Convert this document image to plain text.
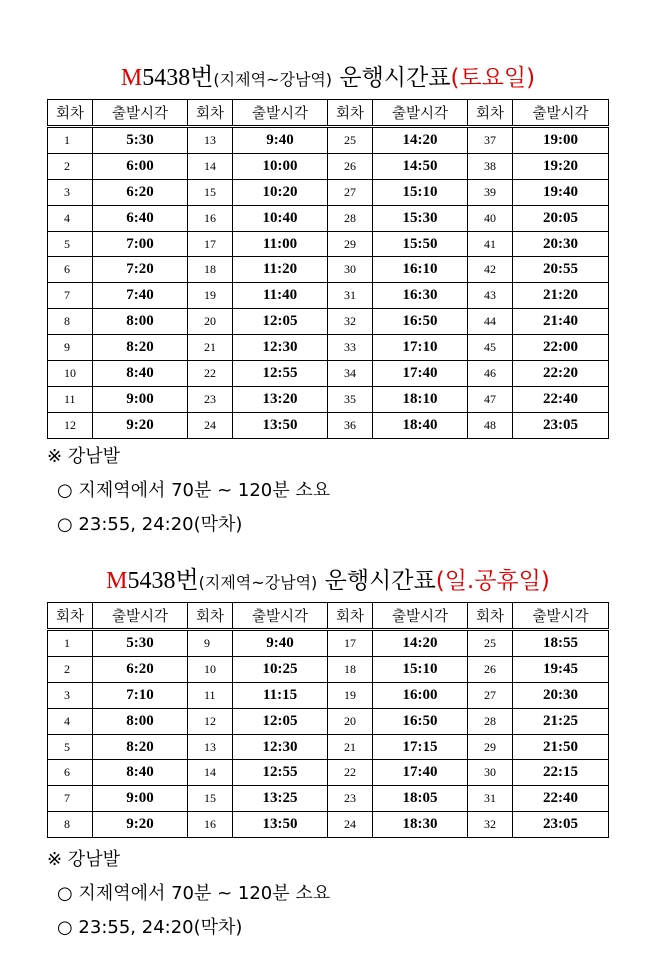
M5438번(지제역~강남역) 운행시간표(토요일)
회차	출발시각	회차	출발시각	회차	출발시각	회차	출발시각
1	5:30	13	9:40	25	14:20	37	19:00
2	6:00	14	10:00	26	14:50	38	19:20
3	6:20	15	10:20	27	15:10	39	19:40
4	6:40	16	10:40	28	15:30	40	20:05
5	7:00	17	11:00	29	15:50	41	20:30
6	7:20	18	11:20	30	16:10	42	20:55
7	7:40	19	11:40	31	16:30	43	21:20
8	8:00	20	12:05	32	16:50	44	21:40
9	8:20	21	12:30	33	17:10	45	22:00
10	8:40	22	12:55	34	17:40	46	22:20
11	9:00	23	13:20	35	18:10	47	22:40
12	9:20	24	13:50	36	18:40	48	23:05
※ 강남발
○ 지제역에서 70분 ~ 120분 소요
○ 23:55, 24:20(막차)
M5438번(지제역~강남역) 운행시간표(일.공휴일)
회차	출발시각	회차	출발시각	회차	출발시각	회차	출발시각
1	5:30	9	9:40	17	14:20	25	18:55
2	6:20	10	10:25	18	15:10	26	19:45
3	7:10	11	11:15	19	16:00	27	20:30
4	8:00	12	12:05	20	16:50	28	21:25
5	8:20	13	12:30	21	17:15	29	21:50
6	8:40	14	12:55	22	17:40	30	22:15
7	9:00	15	13:25	23	18:05	31	22:40
8	9:20	16	13:50	24	18:30	32	23:05
※ 강남발
○ 지제역에서 70분 ~ 120분 소요
○ 23:55, 24:20(막차)
